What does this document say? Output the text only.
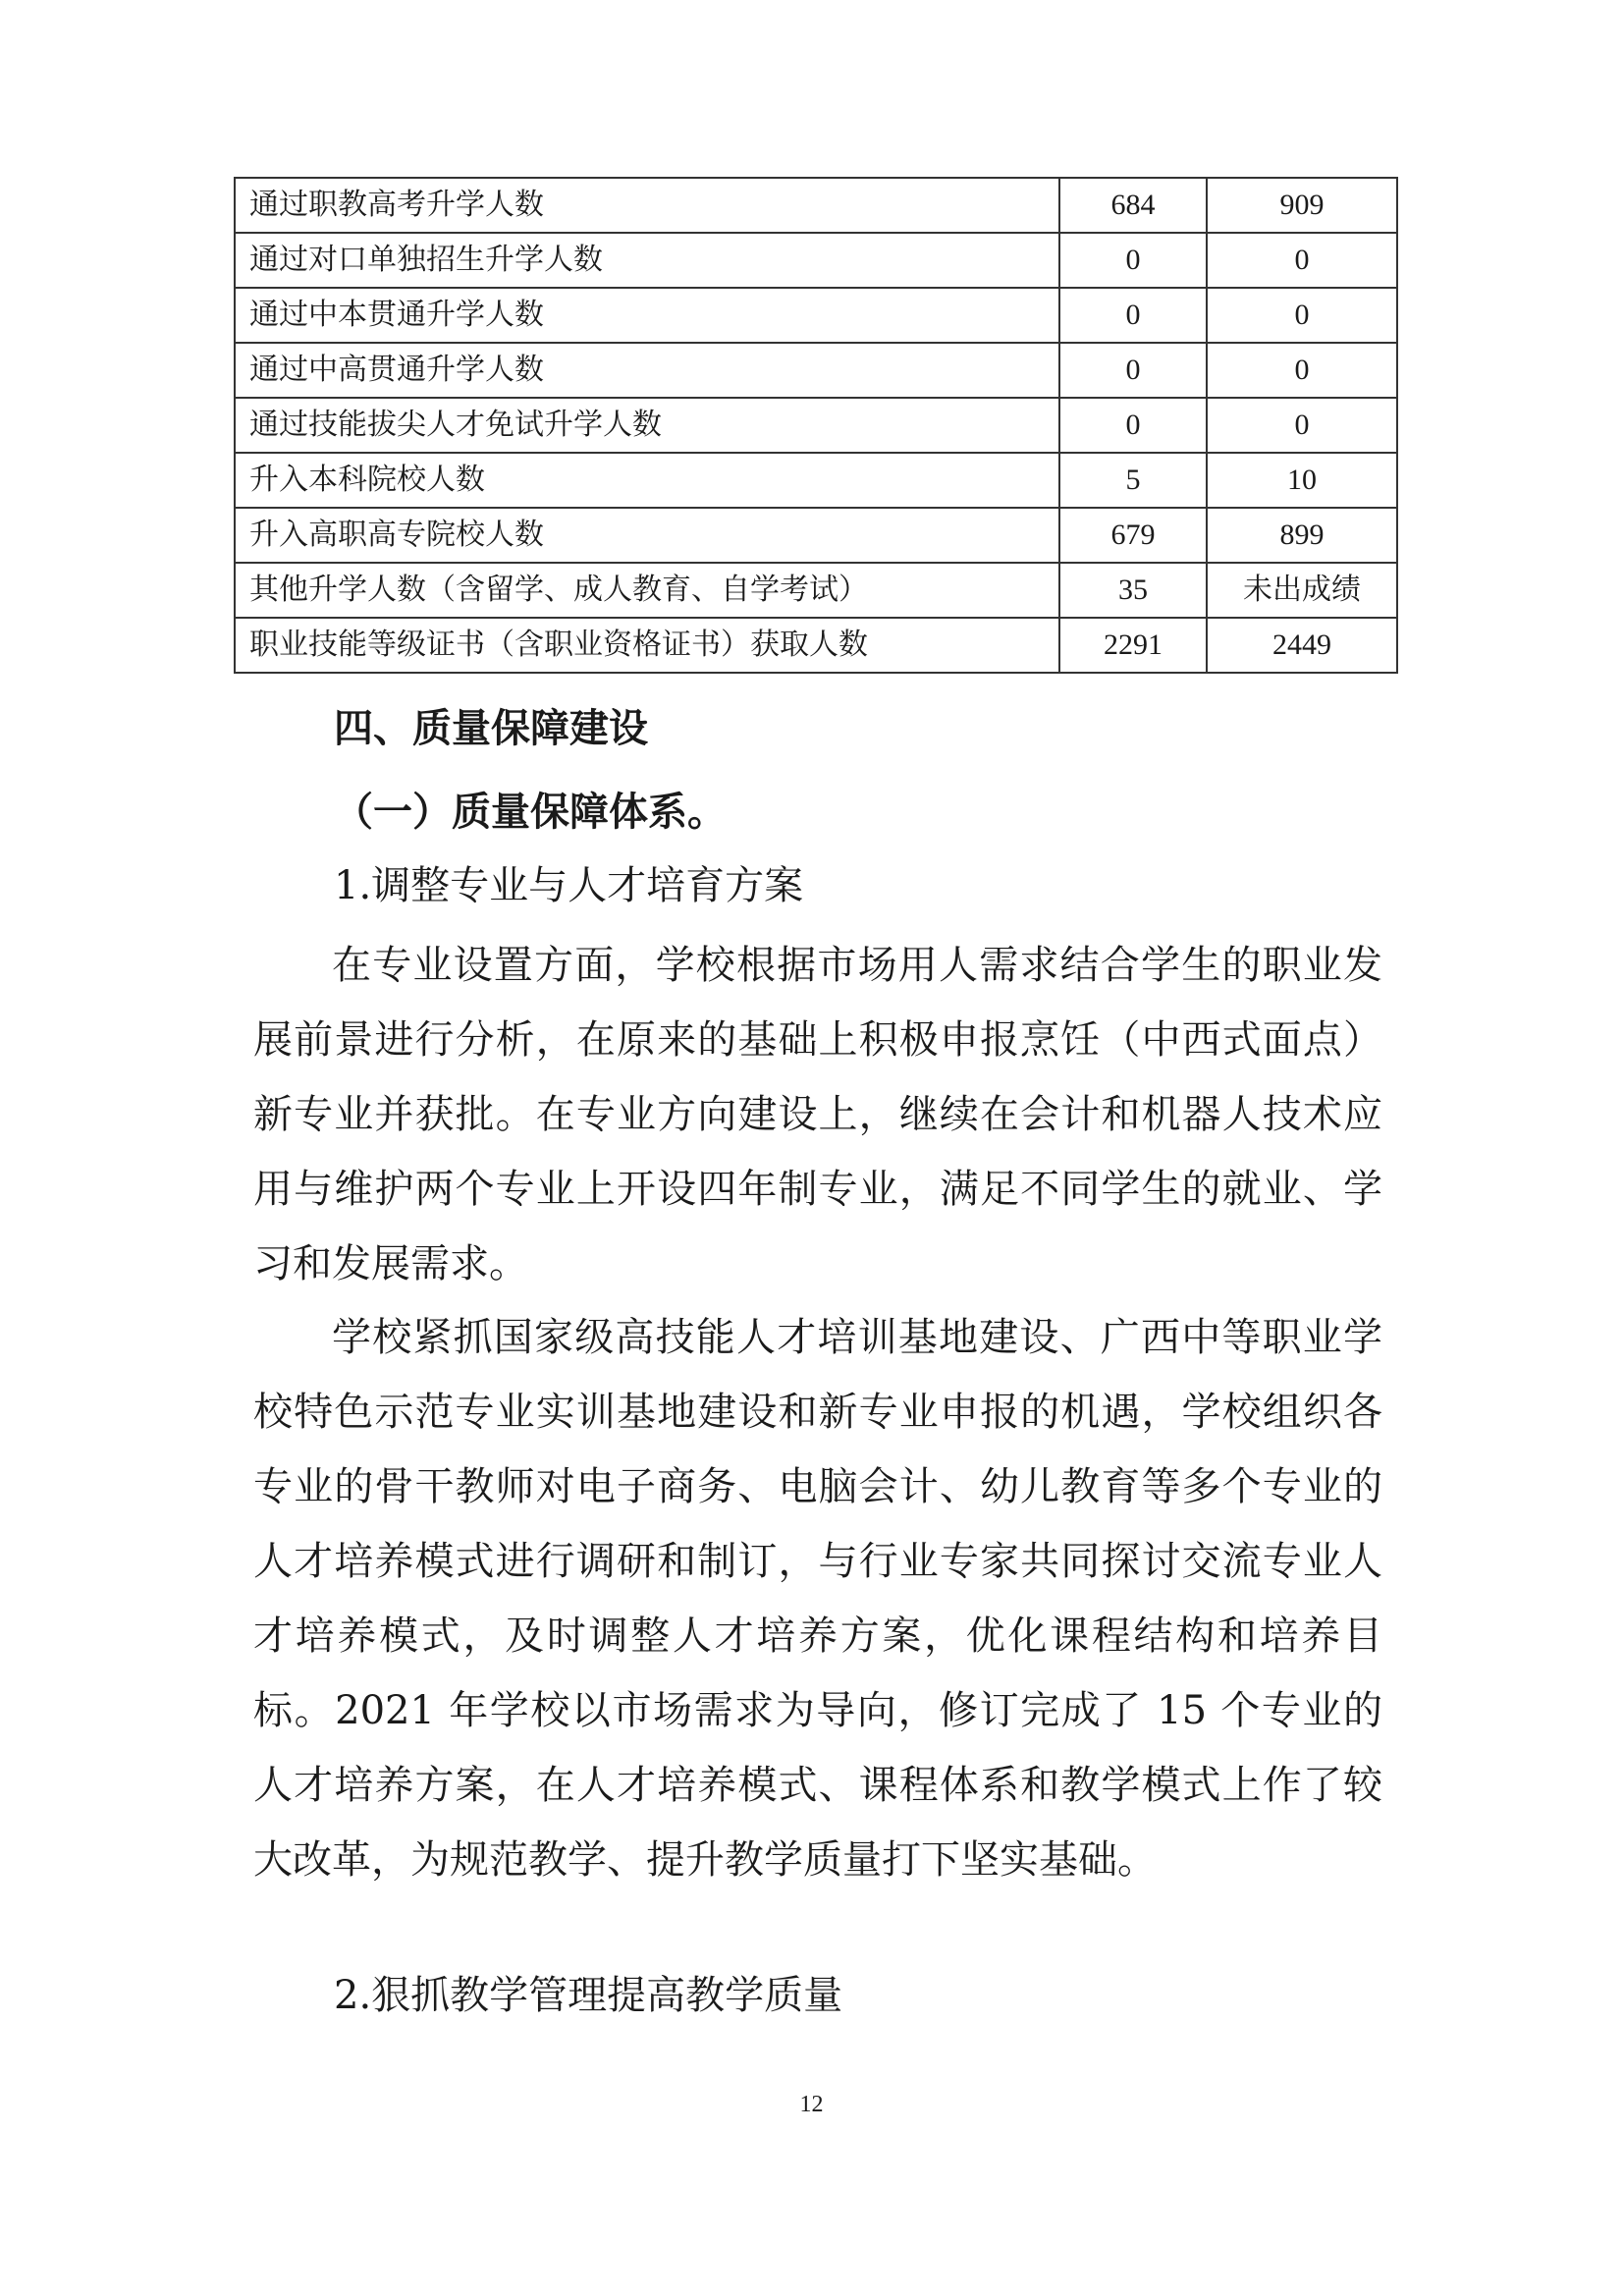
通过职教高考升学人数	684	909
通过对口单独招生升学人数	0	0
通过中本贯通升学人数	0	0
通过中高贯通升学人数	0	0
通过技能拔尖人才免试升学人数	0	0
升入本科院校人数	5	10
升入高职高专院校人数	679	899
其他升学人数（含留学、成人教育、自学考试）	35	未出成绩
职业技能等级证书（含职业资格证书）获取人数	2291	2449
四、质量保障建设
（一）质量保障体系。
1.调整专业与人才培育方案

在专业设置方面，学校根据市场用人需求结合学生的职业发展前景进行分析，在原来的基础上积极申报烹饪（中西式面点）新专业并获批。在专业方向建设上，继续在会计和机器人技术应用与维护两个专业上开设四年制专业，满足不同学生的就业、学习和发展需求。

学校紧抓国家级高技能人才培训基地建设、广西中等职业学校特色示范专业实训基地建设和新专业申报的机遇，学校组织各专业的骨干教师对电子商务、电脑会计、幼儿教育等多个专业的人才培养模式进行调研和制订，与行业专家共同探讨交流专业人才培养模式，及时调整人才培养方案，优化课程结构和培养目标。2021 年学校以市场需求为导向，修订完成了 15 个专业的人才培养方案，在人才培养模式、课程体系和教学模式上作了较大改革，为规范教学、提升教学质量打下坚实基础。

2.狠抓教学管理提高教学质量
12
